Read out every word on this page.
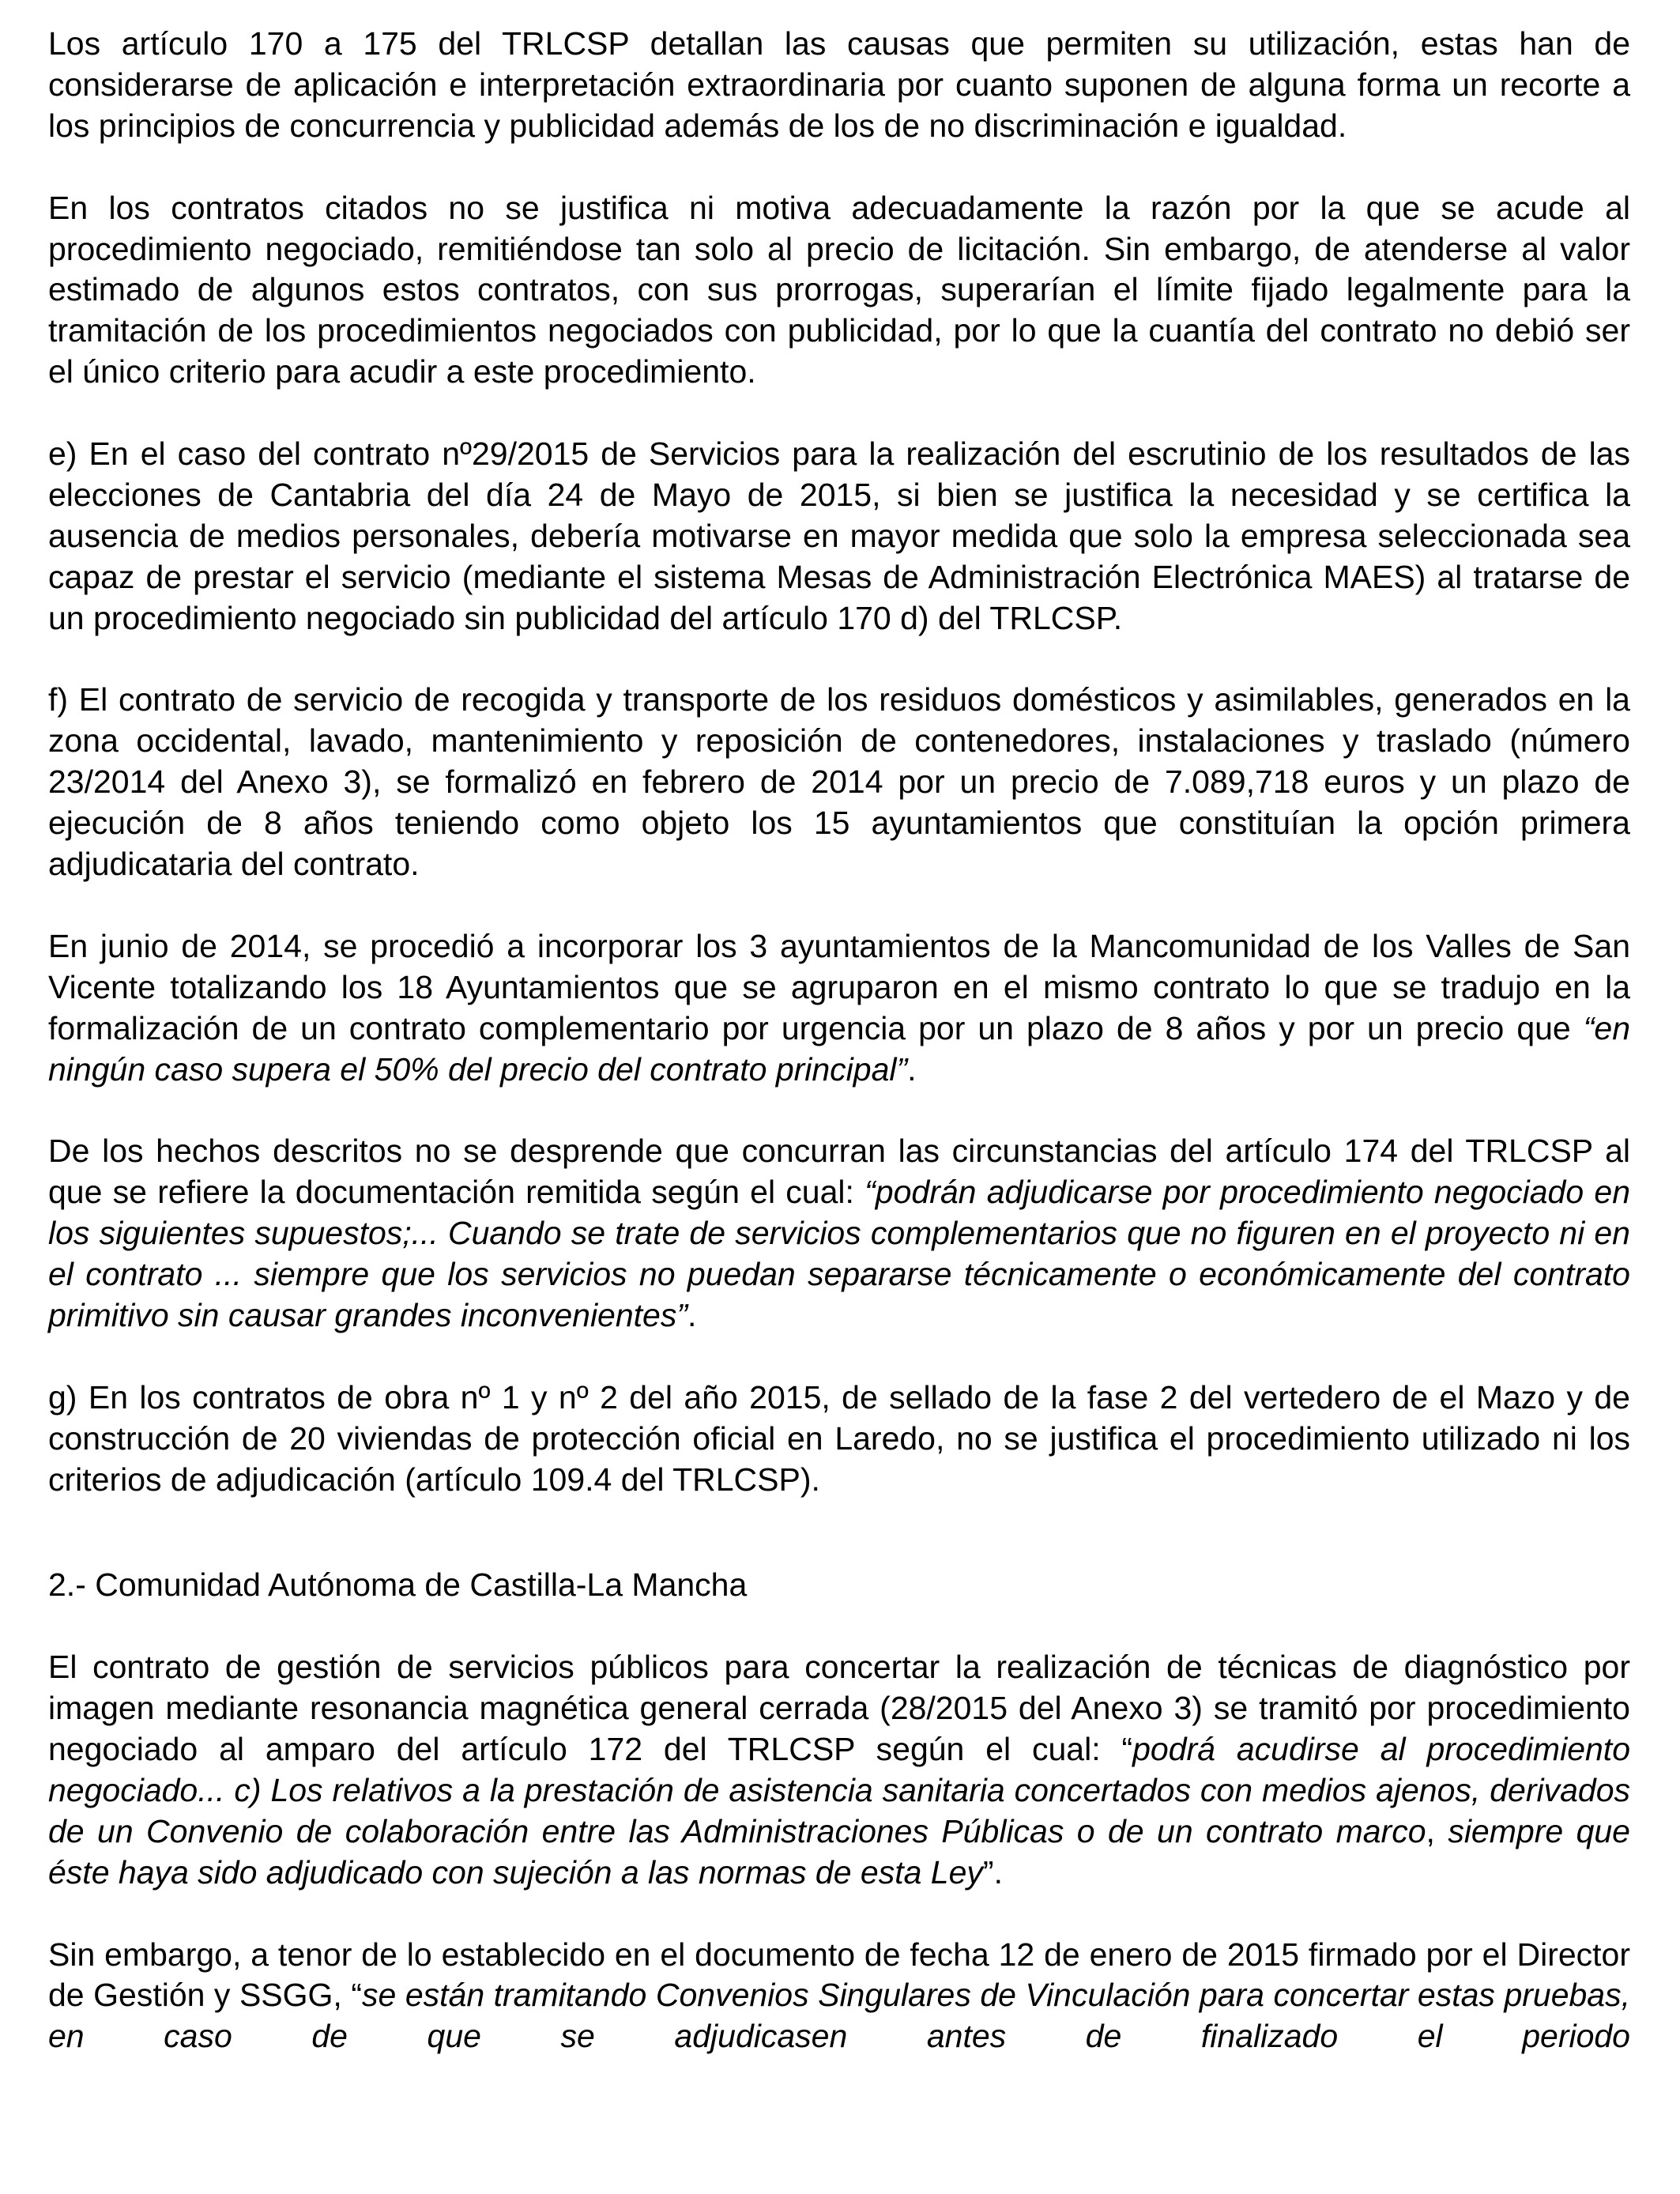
Los artículo 170 a 175 del TRLCSP detallan las causas que permiten su utilización, estas han de considerarse de aplicación e interpretación extraordinaria por cuanto suponen de alguna forma un recorte a los principios de concurrencia y publicidad además de los de no discriminación e igualdad.

En los contratos citados no se justifica ni motiva adecuadamente la razón por la que se acude al procedimiento negociado, remitiéndose tan solo al precio de licitación. Sin embargo, de atenderse al valor estimado de algunos estos contratos, con sus prorrogas, superarían el límite fijado legalmente para la tramitación de los procedimientos negociados con publicidad, por lo que la cuantía del contrato no debió ser el único criterio para acudir a este procedimiento.

e) En el caso del contrato nº29/2015 de Servicios para la realización del escrutinio de los resultados de las elecciones de Cantabria del día 24 de Mayo de 2015, si bien se justifica la necesidad y se certifica la ausencia de medios personales, debería motivarse en mayor medida que solo la empresa seleccionada sea capaz de prestar el servicio (mediante el sistema Mesas de Administración Electrónica MAES) al tratarse de un procedimiento negociado sin publicidad del artículo 170 d) del TRLCSP.

f) El contrato de servicio de recogida y transporte de los residuos domésticos y asimilables, generados en la zona occidental, lavado, mantenimiento y reposición de contenedores, instalaciones y traslado (número 23/2014 del Anexo 3), se formalizó en febrero de 2014 por un precio de 7.089,718 euros y un plazo de ejecución de 8 años teniendo como objeto los 15 ayuntamientos que constituían la opción primera adjudicataria del contrato.

En junio de 2014, se procedió a incorporar los 3 ayuntamientos de la Mancomunidad de los Valles de San Vicente totalizando los 18 Ayuntamientos que se agruparon en el mismo contrato lo que se tradujo en la formalización de un contrato complementario por urgencia por un plazo de 8 años y por un precio que “en ningún caso supera el 50% del precio del contrato principal”.

De los hechos descritos no se desprende que concurran las circunstancias del artículo 174 del TRLCSP al que se refiere la documentación remitida según el cual: “podrán adjudicarse por procedimiento negociado en los siguientes supuestos;... Cuando se trate de servicios complementarios que no figuren en el proyecto ni en el contrato ... siempre que los servicios no puedan separarse técnicamente o económicamente del contrato primitivo sin causar grandes inconvenientes”.

g) En los contratos de obra nº 1 y nº 2 del año 2015, de sellado de la fase 2 del vertedero de el Mazo y de construcción de 20 viviendas de protección oficial en Laredo, no se justifica el procedimiento utilizado ni los criterios de adjudicación (artículo 109.4 del TRLCSP).

2.- Comunidad Autónoma de Castilla-La Mancha

El contrato de gestión de servicios públicos para concertar la realización de técnicas de diagnóstico por imagen mediante resonancia magnética general cerrada (28/2015 del Anexo 3) se tramitó por procedimiento negociado al amparo del artículo 172 del TRLCSP según el cual: “podrá acudirse al procedimiento negociado... c) Los relativos a la prestación de asistencia sanitaria concertados con medios ajenos, derivados de un Convenio de colaboración entre las Administraciones Públicas o de un contrato marco, siempre que éste haya sido adjudicado con sujeción a las normas de esta Ley”.

Sin embargo, a tenor de lo establecido en el documento de fecha 12 de enero de 2015 firmado por el Director de Gestión y SSGG, “se están tramitando Convenios Singulares de Vinculación para concertar estas pruebas, en caso de que se adjudicasen antes de finalizado el periodo
